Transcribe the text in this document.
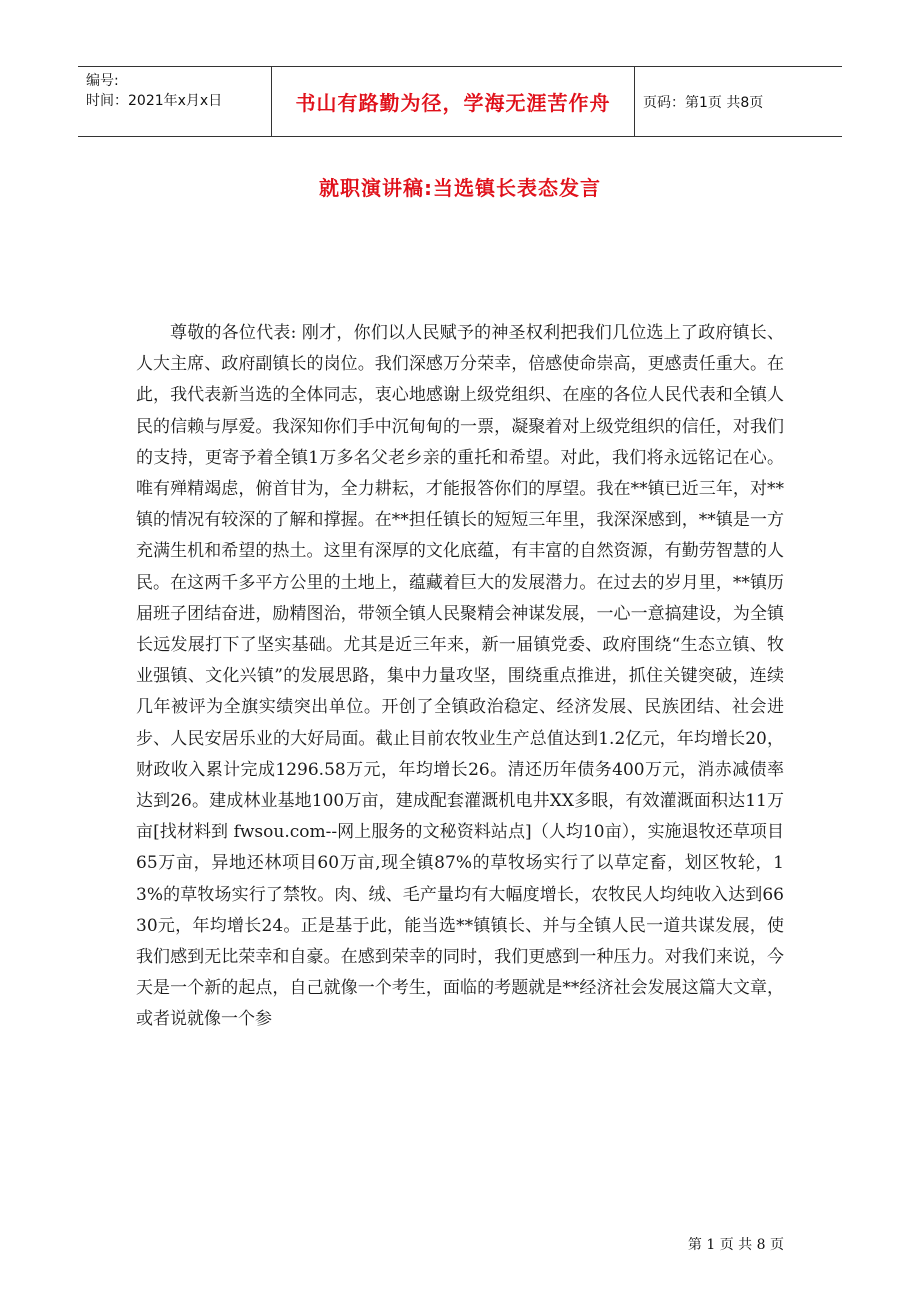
编号:
时间：2021年x月x日	书山有路勤为径，学海无涯苦作舟	页码：第1页 共8页
就职演讲稿:当选镇长表态发言

尊敬的各位代表: 刚才，你们以人民赋予的神圣权利把我们几位选上了政府镇长、人大主席、政府副镇长的岗位。我们深感万分荣幸，倍感使命崇高，更感责任重大。在此，我代表新当选的全体同志，衷心地感谢上级党组织、在座的各位人民代表和全镇人民的信赖与厚爱。我深知你们手中沉甸甸的一票，凝聚着对上级党组织的信任，对我们的支持，更寄予着全镇1万多名父老乡亲的重托和希望。对此，我们将永远铭记在心。唯有殚精竭虑，俯首甘为，全力耕耘，才能报答你们的厚望。我在**镇已近三年，对**镇的情况有较深的了解和撑握。在**担任镇长的短短三年里，我深深感到，**镇是一方充满生机和希望的热土。这里有深厚的文化底蕴，有丰富的自然资源，有勤劳智慧的人民。在这两千多平方公里的土地上，蕴藏着巨大的发展潜力。在过去的岁月里，**镇历届班子团结奋进，励精图治，带领全镇人民聚精会神谋发展，一心一意搞建设，为全镇长远发展打下了坚实基础。尤其是近三年来，新一届镇党委、政府围绕“生态立镇、牧业强镇、文化兴镇”的发展思路，集中力量攻坚，围绕重点推进，抓住关键突破，连续几年被评为全旗实绩突出单位。开创了全镇政治稳定、经济发展、民族团结、社会进步、人民安居乐业的大好局面。截止目前农牧业生产总值达到1.2亿元，年均增长20，财政收入累计完成1296.58万元，年均增长26。清还历年债务400万元，消赤减债率达到26。建成林业基地100万亩，建成配套灌溉机电井XX多眼，有效灌溉面积达11万亩[找材料到 fwsou.com--网上服务的文秘资料站点]（人均10亩），实施退牧还草项目65万亩，异地还林项目60万亩,现全镇87%的草牧场实行了以草定畜，划区牧轮，13%的草牧场实行了禁牧。肉、绒、毛产量均有大幅度增长，农牧民人均纯收入达到6630元，年均增长24。正是基于此，能当选**镇镇长、并与全镇人民一道共谋发展，使我们感到无比荣幸和自豪。在感到荣幸的同时，我们更感到一种压力。对我们来说，今天是一个新的起点，自己就像一个考生，面临的考题就是**经济社会发展这篇大文章，或者说就像一个参

第 1 页 共 8 页
